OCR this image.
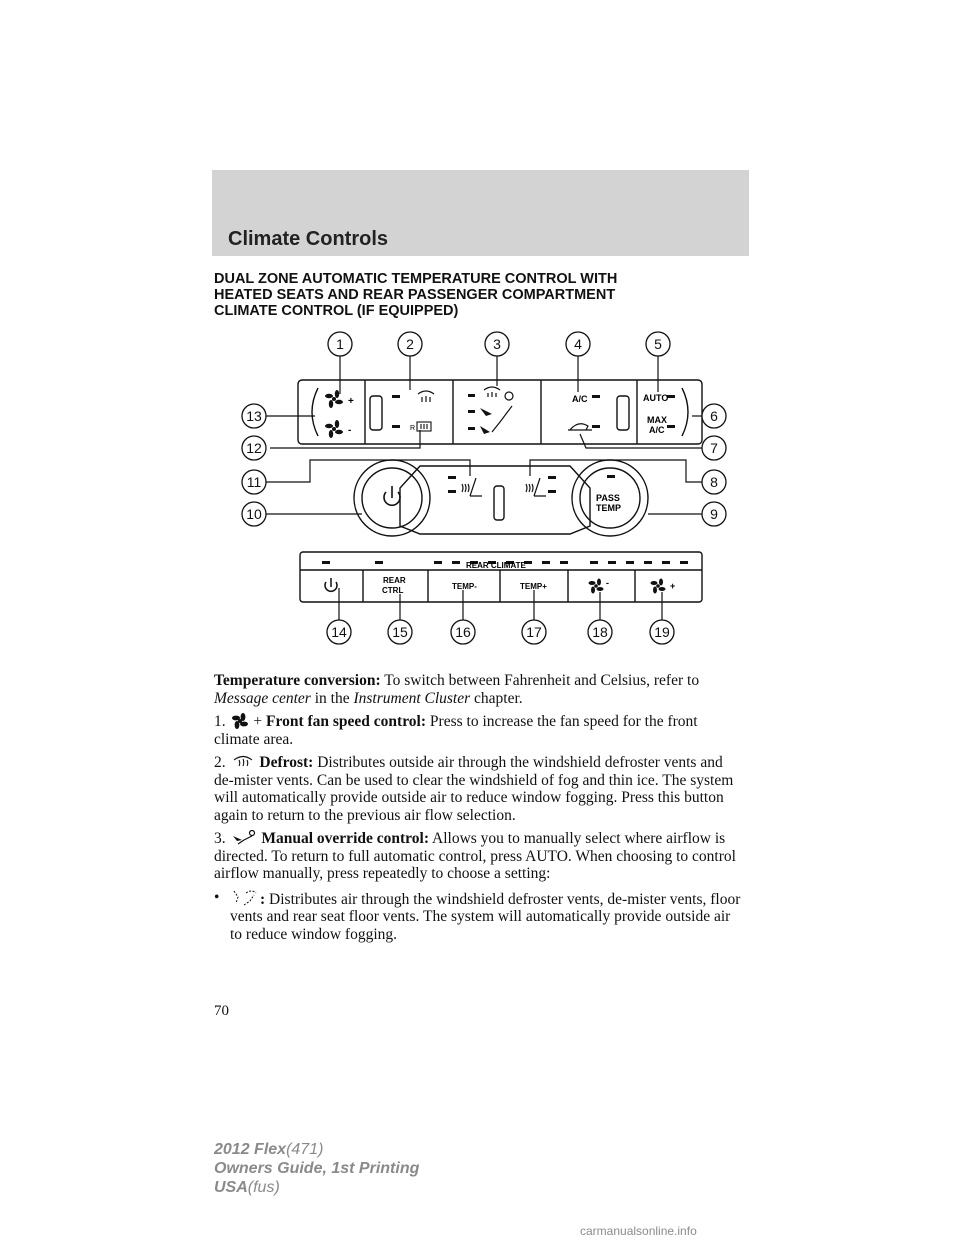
Climate Controls
DUAL ZONE AUTOMATIC TEMPERATURE CONTROL WITH
HEATED SEATS AND REAR PASSENGER COMPARTMENT
CLIMATE CONTROL (IF EQUIPPED)
+
-	R
A/C	AUTO
MAX
A/C
PASS
TEMP
REAR CLIMATE
REAR
CTRL	TEMP-	TEMP+	-	+
1	2	3	4	5
6
7
8
9
10
11
12
13
14	15	16	17	18	19

Temperature conversion: To switch between Fahrenheit and Celsius, refer to Message center in the Instrument Cluster chapter.

1. + Front fan speed control: Press to increase the fan speed for the front climate area.

2. Defrost: Distributes outside air through the windshield defroster vents and de-mister vents. Can be used to clear the windshield of fog and thin ice. The system will automatically provide outside air to reduce window fogging. Press this button again to return to the previous air flow selection.

3. Manual override control: Allows you to manually select where airflow is directed. To return to full automatic control, press AUTO. When choosing to control airflow manually, press repeatedly to choose a setting:

•	: Distributes air through the windshield defroster vents, de-mister vents, floor vents and rear seat floor vents. The system will automatically provide outside air to reduce window fogging.

70
2012 Flex(471)
Owners Guide, 1st Printing
USA(fus)
carmanualsonline.info
